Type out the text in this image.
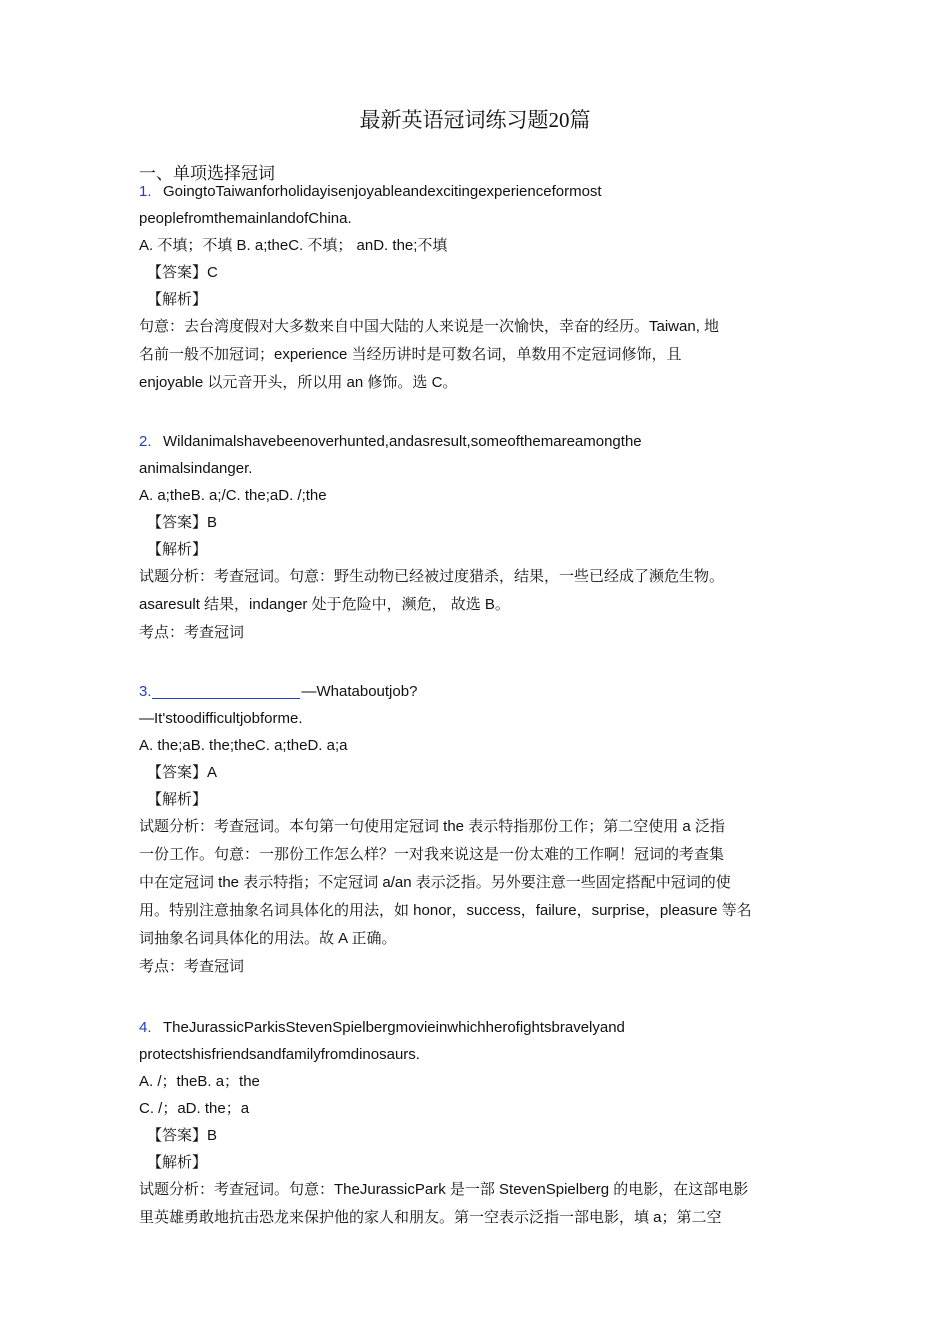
最新英语冠词练习题20篇
一、单项选择冠词
1. GoingtoTaiwanforholidayisenjoyableandexcitingexperienceformost
peoplefromthemainlandofChina.
A. 不填；不填 B. a;theC. 不填； anD. the;不填
【答案】C
【解析】
句意：去台湾度假对大多数来自中国大陆的人来说是一次愉快，幸奋的经历。Taiwan, 地
名前一般不加冠词；experience 当经历讲时是可数名词，单数用不定冠词修饰，且
enjoyable 以元音开头，所以用 an 修饰。选 C。
2. Wildanimalshavebeenoverhunted,andasresult,someofthemareamongthe
animalsindanger.
A. a;theB. a;/C. the;aD. /;the
【答案】B
【解析】
试题分析：考查冠词。句意：野生动物已经被过度猎杀，结果，一些已经成了濒危生物。
asaresult 结果，indanger 处于危险中，濒危， 故选 B。
考点：考查冠词
3.	—Whataboutjob?
—It'stoodifficultjobforme.
A. the;aB. the;theC. a;theD. a;a
【答案】A
【解析】
试题分析：考查冠词。本句第一句使用定冠词 the 表示特指那份工作；第二空使用 a 泛指
一份工作。句意：一那份工作怎么样？一对我来说这是一份太难的工作啊！冠词的考查集
中在定冠词 the 表示特指；不定冠词 a/an 表示泛指。另外要注意一些固定搭配中冠词的使
用。特别注意抽象名词具体化的用法，如 honor，success，failure，surprise，pleasure 等名
词抽象名词具体化的用法。故 A 正确。
考点：考查冠词
4. TheJurassicParkisStevenSpielbergmovieinwhichherofightsbravelyand
protectshisfriendsandfamilyfromdinosaurs.
A. /；theB. a；the
C. /；aD. the；a
【答案】B
【解析】
试题分析：考查冠词。句意：TheJurassicPark 是一部 StevenSpielberg 的电影，在这部电影
里英雄勇敢地抗击恐龙来保护他的家人和朋友。第一空表示泛指一部电影，填 a；第二空
